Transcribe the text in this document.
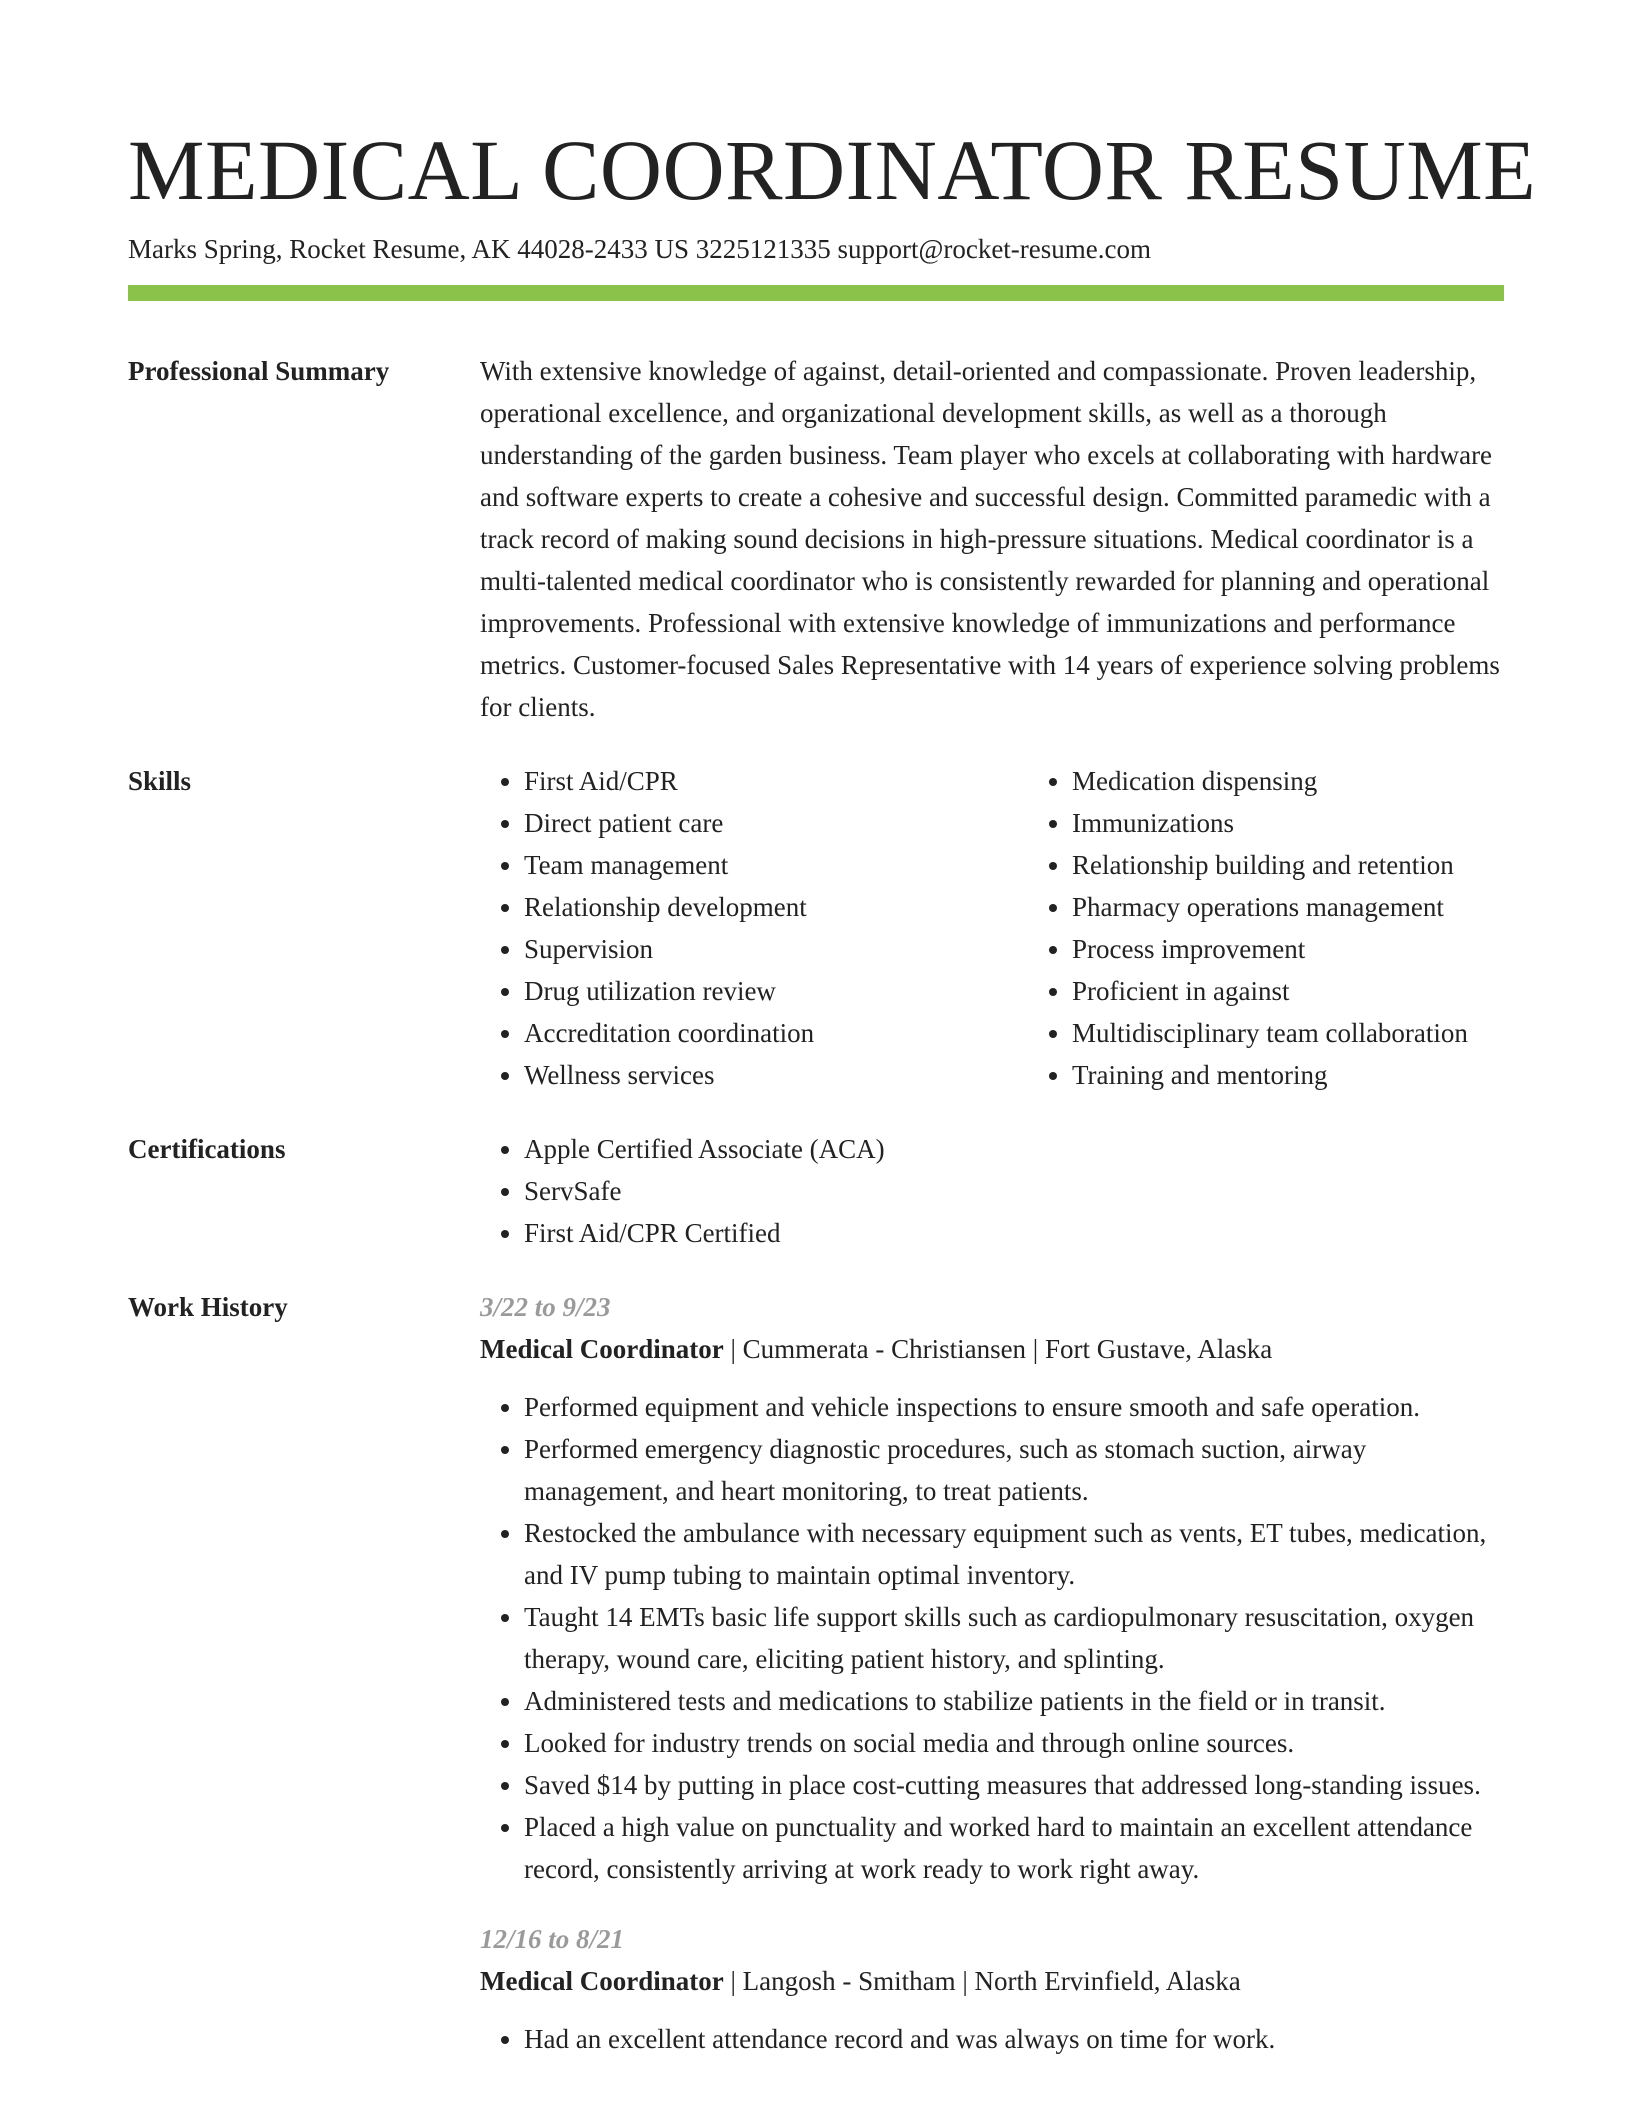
MEDICAL COORDINATOR RESUME
Marks Spring, Rocket Resume, AK 44028-2433 US 3225121335 support@rocket-resume.com
Professional Summary	With extensive knowledge of against, detail-oriented and compassionate. Proven leadership, operational excellence, and organizational development skills, as well as a thorough understanding of the garden business. Team player who excels at collaborating with hardware and software experts to create a cohesive and successful design. Committed paramedic with a track record of making sound decisions in high-pressure situations. Medical coordinator is a multi-talented medical coordinator who is consistently rewarded for planning and operational improvements. Professional with extensive knowledge of immunizations and performance metrics. Customer-focused Sales Representative with 14 years of experience solving problems for clients.

Skills	• First Aid/CPR
• Direct patient care
• Team management
• Relationship development
• Supervision
• Drug utilization review
• Accreditation coordination
• Wellness services
• Medication dispensing
• Immunizations
• Relationship building and retention
• Pharmacy operations management
• Process improvement
• Proficient in against
• Multidisciplinary team collaboration
• Training and mentoring
Certifications	• Apple Certified Associate (ACA)
• ServSafe
• First Aid/CPR Certified
Work History	3/22 to 9/23
Medical Coordinator | Cummerata - Christiansen | Fort Gustave, Alaska
• Performed equipment and vehicle inspections to ensure smooth and safe operation.
• Performed emergency diagnostic procedures, such as stomach suction, airway management, and heart monitoring, to treat patients.
• Restocked the ambulance with necessary equipment such as vents, ET tubes, medication, and IV pump tubing to maintain optimal inventory.
• Taught 14 EMTs basic life support skills such as cardiopulmonary resuscitation, oxygen therapy, wound care, eliciting patient history, and splinting.
• Administered tests and medications to stabilize patients in the field or in transit.
• Looked for industry trends on social media and through online sources.
• Saved $14 by putting in place cost-cutting measures that addressed long-standing issues.
• Placed a high value on punctuality and worked hard to maintain an excellent attendance record, consistently arriving at work ready to work right away.
12/16 to 8/21
Medical Coordinator | Langosh - Smitham | North Ervinfield, Alaska
• Had an excellent attendance record and was always on time for work.
